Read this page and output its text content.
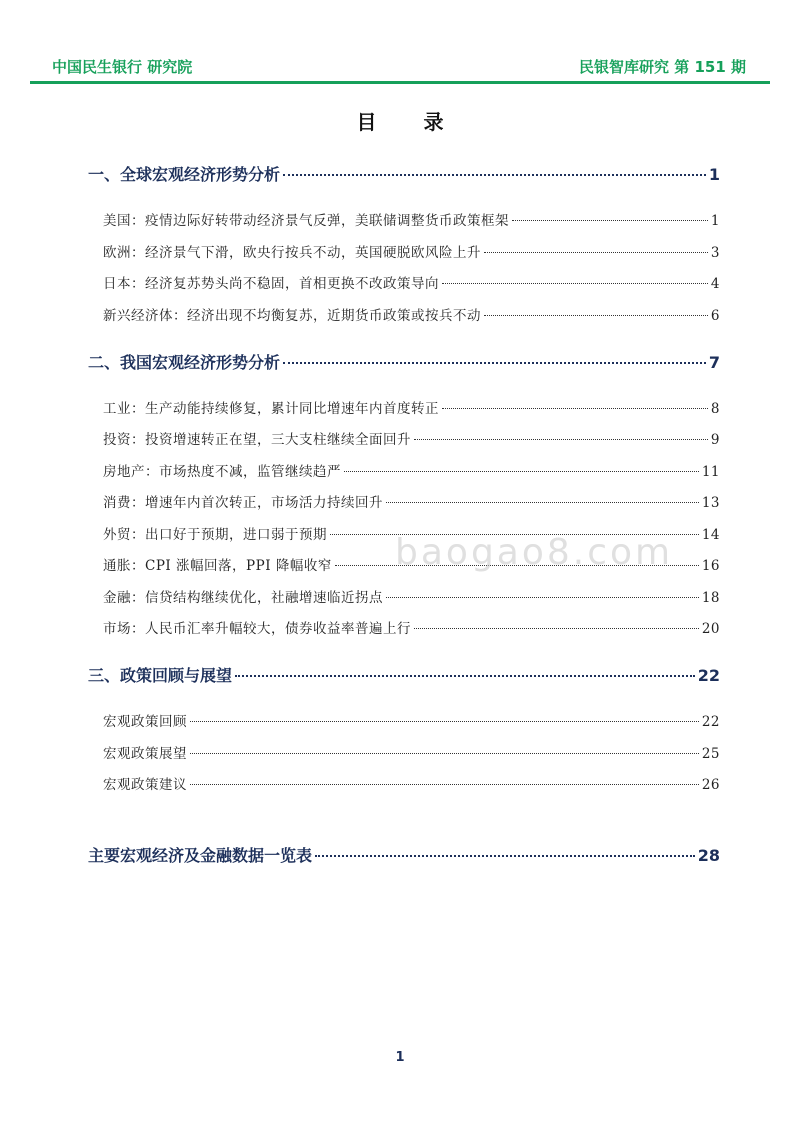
中国民生银行 研究院	民银智库研究 第 151 期
目 录
一、全球宏观经济形势分析	1
美国：疫情边际好转带动经济景气反弹，美联储调整货币政策框架	1
欧洲：经济景气下滑，欧央行按兵不动，英国硬脱欧风险上升	3
日本：经济复苏势头尚不稳固，首相更换不改政策导向	4
新兴经济体：经济出现不均衡复苏，近期货币政策或按兵不动	6
二、我国宏观经济形势分析	7
工业：生产动能持续修复，累计同比增速年内首度转正	8
投资：投资增速转正在望，三大支柱继续全面回升	9
房地产：市场热度不减，监管继续趋严	11
消费：增速年内首次转正，市场活力持续回升	13
外贸：出口好于预期，进口弱于预期	14
通胀：CPI 涨幅回落，PPI 降幅收窄	16
金融：信贷结构继续优化，社融增速临近拐点	18
市场：人民币汇率升幅较大，债券收益率普遍上行	20
三、政策回顾与展望	22
宏观政策回顾	22
宏观政策展望	25
宏观政策建议	26
主要宏观经济及金融数据一览表	28
baogao8.com
1
